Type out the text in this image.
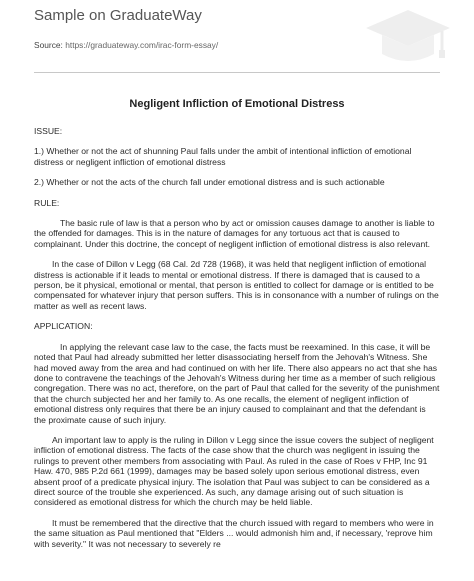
Sample on GraduateWay
Source: https://graduateway.com/irac-form-essay/
Negligent Infliction of Emotional Distress

ISSUE:

1.) Whether or not the act of shunning Paul falls under the ambit of intentional infliction of emotional distress or negligent infliction of emotional distress

2.) Whether or not the acts of the church fall under emotional distress and is such actionable

RULE:

The basic rule of law is that a person who by act or omission causes damage to another is liable to the offended for damages. This is in the nature of damages for any tortuous act that is caused to complainant. Under this doctrine, the concept of negligent infliction of emotional distress is also relevant.

In the case of Dillon v Legg (68 Cal. 2d 728 (1968), it was held that negligent infliction of emotional distress is actionable if it leads to mental or emotional distress. If there is damaged that is caused to a person, be it physical, emotional or mental, that person is entitled to collect for damage or is entitled to be compensated for whatever injury that person suffers. This is in consonance with a number of rulings on the matter as well as recent laws.

APPLICATION:

In applying the relevant case law to the case, the facts must be reexamined. In this case, it will be noted that Paul had already submitted her letter disassociating herself from the Jehovah's Witness. She had moved away from the area and had continued on with her life. There also appears no act that she has done to contravene the teachings of the Jehovah's Witness during her time as a member of such religious congregation. There was no act, therefore, on the part of Paul that called for the severity of the punishment that the church subjected her and her family to. As one recalls, the element of negligent infliction of emotional distress only requires that there be an injury caused to complainant and that the defendant is the proximate cause of such injury.

An important law to apply is the ruling in Dillon v Legg since the issue covers the subject of negligent infliction of emotional distress. The facts of the case show that the church was negligent in issuing the rulings to prevent other members from associating with Paul. As ruled in the case of Roes v FHP, Inc 91 Haw. 470, 985 P.2d 661 (1999), damages may be based solely upon serious emotional distress, even absent proof of a predicate physical injury. The isolation that Paul was subject to can be considered as a direct source of the trouble she experienced. As such, any damage arising out of such situation is considered as emotional distress for which the church may be held liable.

It must be remembered that the directive that the church issued with regard to members who were in the same situation as Paul mentioned that "Elders ... would admonish him and, if necessary, 'reprove him with severity." It was not necessary to severely re
